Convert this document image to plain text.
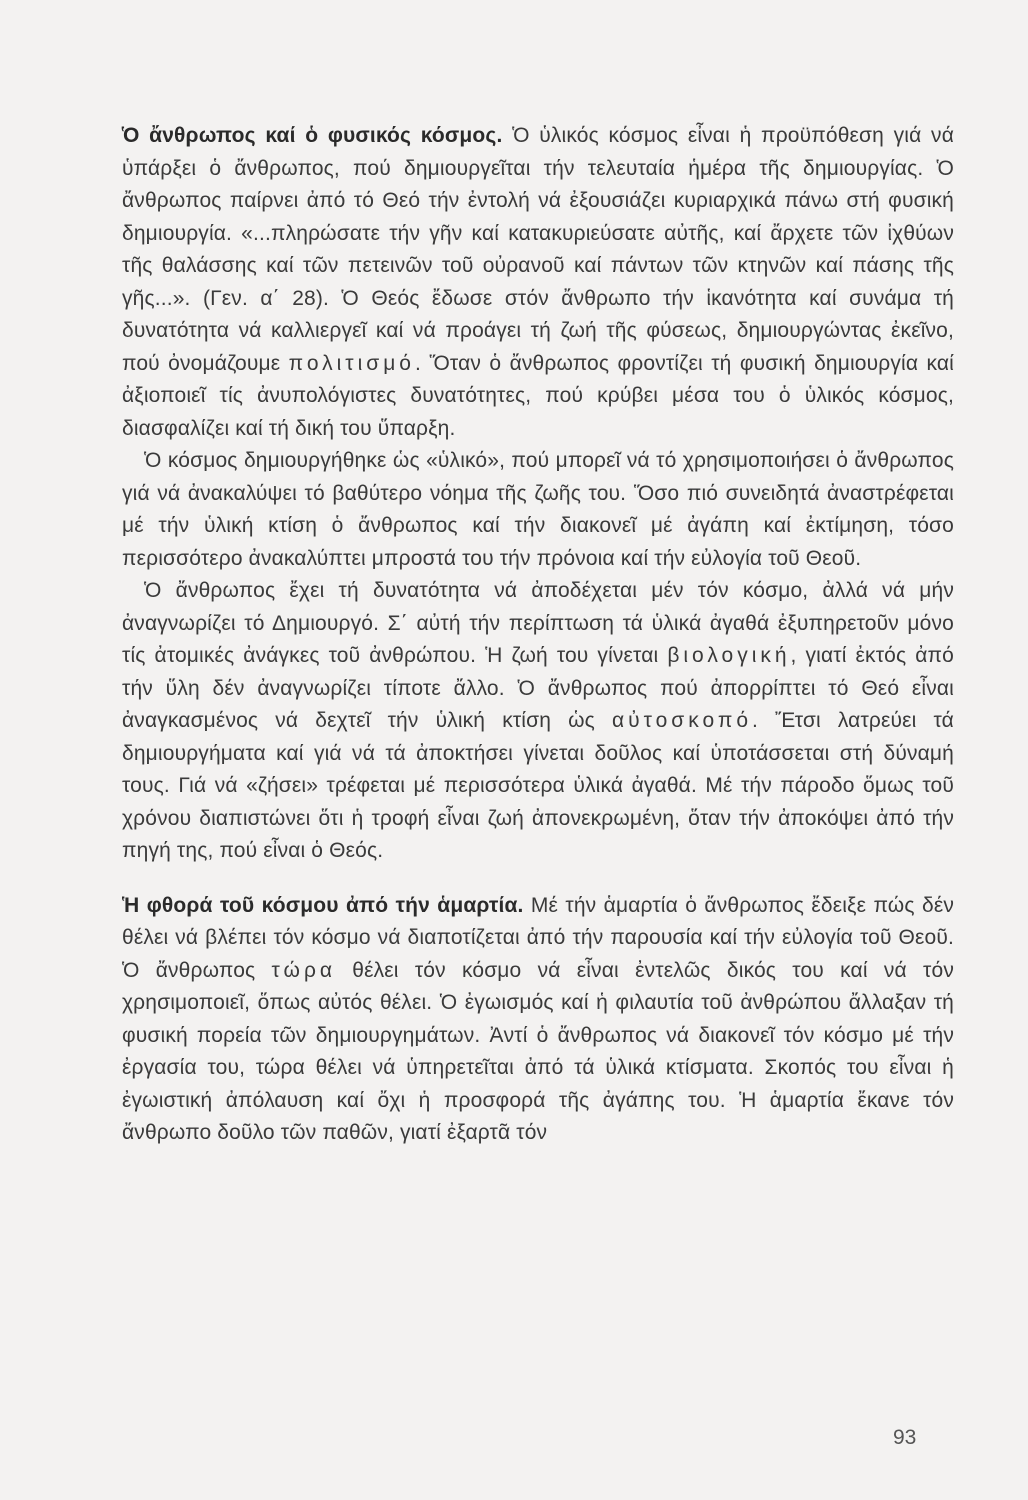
Ὁ ἄνθρωπος καί ὁ φυσικός κόσμος. Ὁ ὑλικός κόσμος εἶναι ἡ προϋπόθεση γιά νά ὑπάρξει ὁ ἄνθρωπος, πού δημιουργεῖται τήν τελευταία ἡμέρα τῆς δημιουργίας. Ὁ ἄνθρωπος παίρνει ἀπό τό Θεό τήν ἐντολή νά ἐξουσιάζει κυριαρχικά πάνω στή φυσική δημιουργία. «...πληρώσατε τήν γῆν καί κατακυριεύσατε αὐτῆς, καί ἄρχετε τῶν ἰχθύων τῆς θαλάσσης καί τῶν πετεινῶν τοῦ οὐρανοῦ καί πάντων τῶν κτηνῶν καί πάσης τῆς γῆς...». (Γεν. α΄ 28). Ὁ Θεός ἔδωσε στόν ἄνθρωπο τήν ἱκανότητα καί συνάμα τή δυνατότητα νά καλλιεργεῖ καί νά προάγει τή ζωή τῆς φύσεως, δημιουργώντας ἐκεῖνο, πού ὀνομάζουμε πολιτισμό. Ὅταν ὁ ἄνθρωπος φροντίζει τή φυσική δημιουργία καί ἀξιοποιεῖ τίς ἀνυπολόγιστες δυνατότητες, πού κρύβει μέσα του ὁ ὑλικός κόσμος, διασφαλίζει καί τή δική του ὕπαρξη.

Ὁ κόσμος δημιουργήθηκε ὡς «ὑλικό», πού μπορεῖ νά τό χρησιμοποιήσει ὁ ἄνθρωπος γιά νά ἀνακαλύψει τό βαθύτερο νόημα τῆς ζωῆς του. Ὅσο πιό συνειδητά ἀναστρέφεται μέ τήν ὑλική κτίση ὁ ἄνθρωπος καί τήν διακονεῖ μέ ἀγάπη καί ἐκτίμηση, τόσο περισσότερο ἀνακαλύπτει μπροστά του τήν πρόνοια καί τήν εὐλογία τοῦ Θεοῦ.

Ὁ ἄνθρωπος ἔχει τή δυνατότητα νά ἀποδέχεται μέν τόν κόσμο, ἀλλά νά μήν ἀναγνωρίζει τό Δημιουργό. Σ΄ αὐτή τήν περίπτωση τά ὑλικά ἀγαθά ἐξυπηρετοῦν μόνο τίς ἀτομικές ἀνάγκες τοῦ ἀνθρώπου. Ἡ ζωή του γίνεται βιολογική, γιατί ἐκτός ἀπό τήν ὕλη δέν ἀναγνωρίζει τίποτε ἄλλο. Ὁ ἄνθρωπος πού ἀπορρίπτει τό Θεό εἶναι ἀναγκασμένος νά δεχτεῖ τήν ὑλική κτίση ὡς αὐτοσκοπό. Ἔτσι λατρεύει τά δημιουργήματα καί γιά νά τά ἀποκτήσει γίνεται δοῦλος καί ὑποτάσσεται στή δύναμή τους. Γιά νά «ζήσει» τρέφεται μέ περισσότερα ὑλικά ἀγαθά. Μέ τήν πάροδο ὅμως τοῦ χρόνου διαπιστώνει ὅτι ἡ τροφή εἶναι ζωή ἀπονεκρωμένη, ὅταν τήν ἀποκόψει ἀπό τήν πηγή της, πού εἶναι ὁ Θεός.

Ἡ φθορά τοῦ κόσμου ἀπό τήν ἁμαρτία. Μέ τήν ἁμαρτία ὁ ἄνθρωπος ἔδειξε πώς δέν θέλει νά βλέπει τόν κόσμο νά διαποτίζεται ἀπό τήν παρουσία καί τήν εὐλογία τοῦ Θεοῦ. Ὁ ἄνθρωπος τώρα θέλει τόν κόσμο νά εἶναι ἐντελῶς δικός του καί νά τόν χρησιμοποιεῖ, ὅπως αὐτός θέλει. Ὁ ἐγωισμός καί ἡ φιλαυτία τοῦ ἀνθρώπου ἄλλαξαν τή φυσική πορεία τῶν δημιουργημάτων. Ἀντί ὁ ἄνθρωπος νά διακονεῖ τόν κόσμο μέ τήν ἐργασία του, τώρα θέλει νά ὑπηρετεῖται ἀπό τά ὑλικά κτίσματα. Σκοπός του εἶναι ἡ ἐγωιστική ἀπόλαυση καί ὄχι ἡ προσφορά τῆς ἀγάπης του. Ἡ ἁμαρτία ἔκανε τόν ἄνθρωπο δοῦλο τῶν παθῶν, γιατί ἐξαρτᾶ τόν

93
